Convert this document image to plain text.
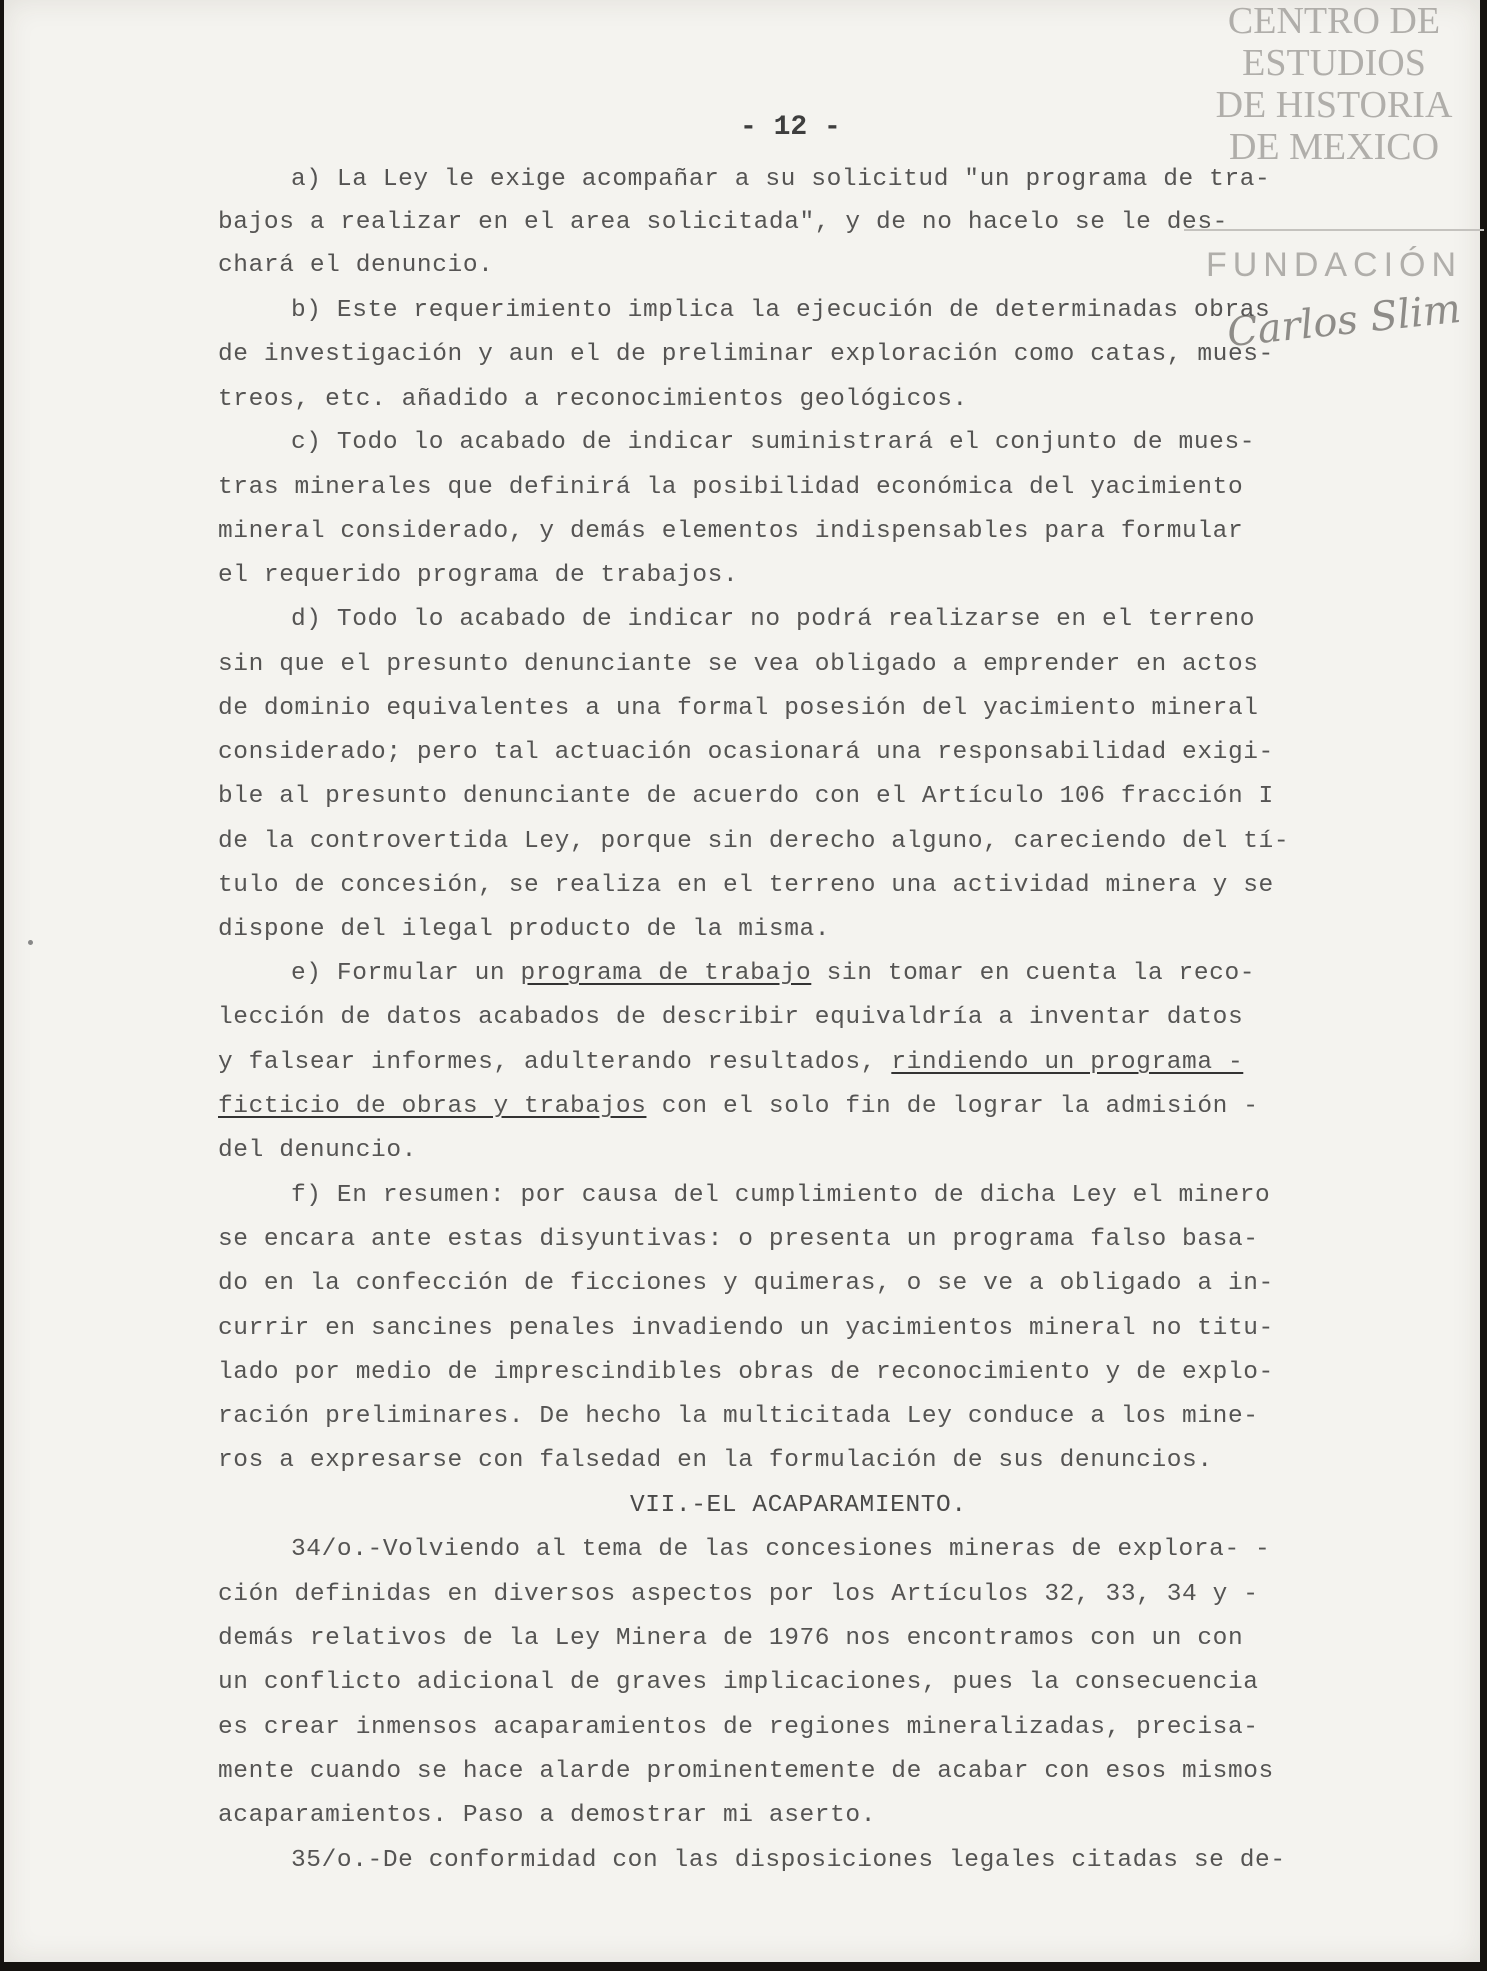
CENTRO DE
ESTUDIOS
DE HISTORIA
DE MEXICO
FUNDACIÓN
Carlos Slim
- 12 -
a) La Ley le exige acompañar a su solicitud "un programa de tra-
bajos a realizar en el area solicitada", y de no hacelo se le des-
chará el denuncio.
b) Este requerimiento implica la ejecución de determinadas obras
de investigación y aun el de preliminar exploración como catas, mues-
treos, etc. añadido a reconocimientos geológicos.
c) Todo lo acabado de indicar suministrará el conjunto de mues-
tras minerales que definirá la posibilidad económica del yacimiento
mineral considerado, y demás elementos indispensables para formular
el requerido programa de trabajos.
d) Todo lo acabado de indicar no podrá realizarse en el terreno
sin que el presunto denunciante se vea obligado a emprender en actos
de dominio equivalentes a una formal posesión del yacimiento mineral
considerado; pero tal actuación ocasionará una responsabilidad exigi-
ble al presunto denunciante de acuerdo con el Artículo 106 fracción I
de la controvertida Ley, porque sin derecho alguno, careciendo del tí-
tulo de concesión, se realiza en el terreno una actividad minera y se
dispone del ilegal producto de la misma.
e) Formular un programa de trabajo sin tomar en cuenta la reco-
lección de datos acabados de describir equivaldría a inventar datos
y falsear informes, adulterando resultados, rindiendo un programa -
ficticio de obras y trabajos con el solo fin de lograr la admisión -
del denuncio.
f) En resumen: por causa del cumplimiento de dicha Ley el minero
se encara ante estas disyuntivas: o presenta un programa falso basa-
do en la confección de ficciones y quimeras, o se ve a obligado a in-
currir en sancines penales invadiendo un yacimientos mineral no titu-
lado por medio de imprescindibles obras de reconocimiento y de explo-
ración preliminares. De hecho la multicitada Ley conduce a los mine-
ros a expresarse con falsedad en la formulación de sus denuncios.
VII.-EL ACAPARAMIENTO.
34/o.-Volviendo al tema de las concesiones mineras de explora- -
ción definidas en diversos aspectos por los Artículos 32, 33, 34 y -
demás relativos de la Ley Minera de 1976 nos encontramos con un con
un conflicto adicional de graves implicaciones, pues la consecuencia
es crear inmensos acaparamientos de regiones mineralizadas, precisa-
mente cuando se hace alarde prominentemente de acabar con esos mismos
acaparamientos. Paso a demostrar mi aserto.
35/o.-De conformidad con las disposiciones legales citadas se de-
